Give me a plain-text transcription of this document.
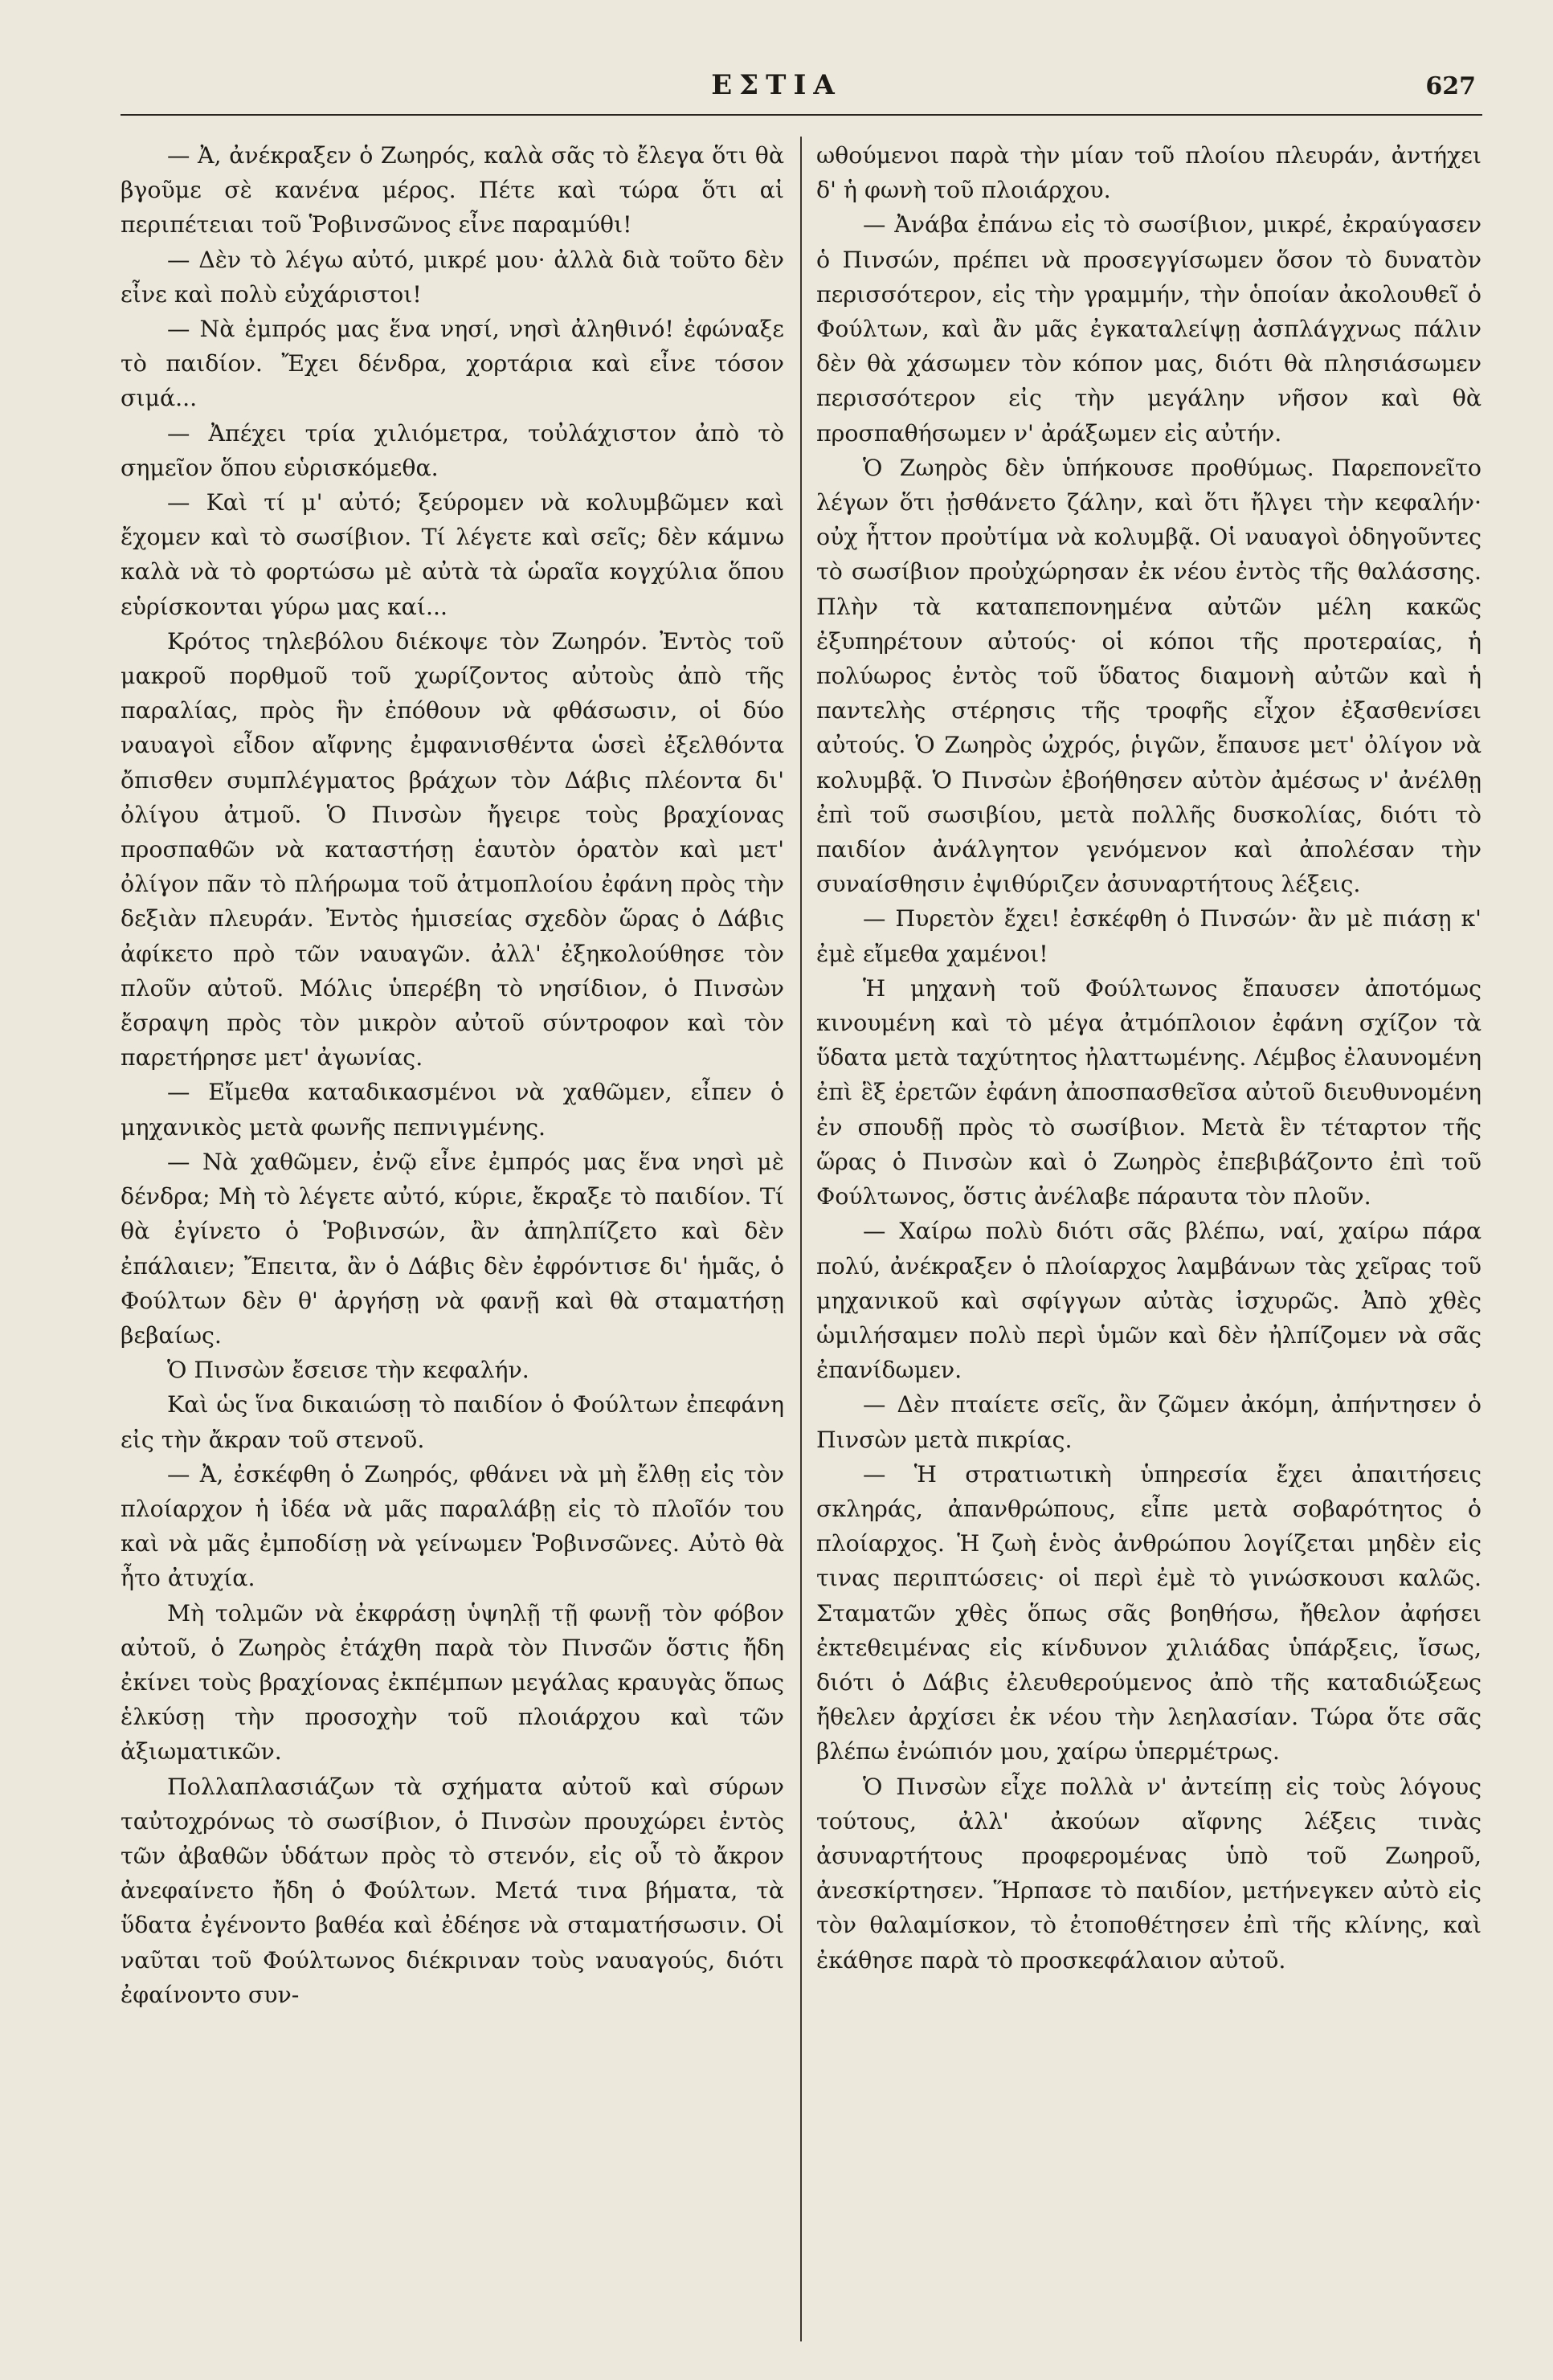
ΕΣΤΙΑ	627

— Ἀ, ἀνέκραξεν ὁ Ζωηρός, καλὰ σᾶς τὸ ἔλεγα ὅτι θὰ βγοῦμε σὲ κανένα μέρος. Πέτε καὶ τώρα ὅτι αἱ περιπέτειαι τοῦ Ῥοβινσῶνος εἶνε παραμύθι!

— Δὲν τὸ λέγω αὐτό, μικρέ μου· ἀλλὰ διὰ τοῦτο δὲν εἶνε καὶ πολὺ εὐχάριστοι!

— Νὰ ἐμπρός μας ἕνα νησί, νησὶ ἀληθινό! ἐφώναξε τὸ παιδίον. Ἔχει δένδρα, χορτάρια καὶ εἶνε τόσον σιμά...

— Ἀπέχει τρία χιλιόμετρα, τοὐλάχιστον ἀπὸ τὸ σημεῖον ὅπου εὑρισκόμεθα.

— Καὶ τί μ' αὐτό; ξεύρομεν νὰ κολυμβῶμεν καὶ ἔχομεν καὶ τὸ σωσίβιον. Τί λέγετε καὶ σεῖς; δὲν κάμνω καλὰ νὰ τὸ φορτώσω μὲ αὐτὰ τὰ ὡραῖα κογχύλια ὅπου εὑρίσκονται γύρω μας καί...

Κρότος τηλεβόλου διέκοψε τὸν Ζωηρόν. Ἐντὸς τοῦ μακροῦ πορθμοῦ τοῦ χωρίζοντος αὐτοὺς ἀπὸ τῆς παραλίας, πρὸς ἣν ἐπόθουν νὰ φθάσωσιν, οἱ δύο ναυαγοὶ εἶδον αἴφνης ἐμφανισθέντα ὡσεὶ ἐξελθόντα ὄπισθεν συμπλέγματος βράχων τὸν Δάβις πλέοντα δι' ὀλίγου ἀτμοῦ. Ὁ Πινσὼν ἤγειρε τοὺς βραχίονας προσπαθῶν νὰ καταστήσῃ ἑαυτὸν ὁρατὸν καὶ μετ' ὀλίγον πᾶν τὸ πλήρωμα τοῦ ἀτμοπλοίου ἐφάνη πρὸς τὴν δεξιὰν πλευράν. Ἐντὸς ἡμισείας σχεδὸν ὥρας ὁ Δάβις ἀφίκετο πρὸ τῶν ναυαγῶν. ἀλλ' ἐξηκολούθησε τὸν πλοῦν αὐτοῦ. Μόλις ὑπερέβη τὸ νησίδιον, ὁ Πινσὼν ἔσραψη πρὸς τὸν μικρὸν αὐτοῦ σύντροφον καὶ τὸν παρετήρησε μετ' ἀγωνίας.

— Εἴμεθα καταδικασμένοι νὰ χαθῶμεν, εἶπεν ὁ μηχανικὸς μετὰ φωνῆς πεπνιγμένης.

— Νὰ χαθῶμεν, ἐνῷ εἶνε ἐμπρός μας ἕνα νησὶ μὲ δένδρα; Μὴ τὸ λέγετε αὐτό, κύριε, ἔκραξε τὸ παιδίον. Τί θὰ ἐγίνετο ὁ Ῥοβινσών, ἂν ἀπηλπίζετο καὶ δὲν ἐπάλαιεν; Ἔπειτα, ἂν ὁ Δάβις δὲν ἐφρόντισε δι' ἡμᾶς, ὁ Φούλτων δὲν θ' ἀργήσῃ νὰ φανῇ καὶ θὰ σταματήσῃ βεβαίως.

Ὁ Πινσὼν ἔσεισε τὴν κεφαλήν.

Καὶ ὡς ἵνα δικαιώσῃ τὸ παιδίον ὁ Φούλτων ἐπεφάνη εἰς τὴν ἄκραν τοῦ στενοῦ.

— Ἀ, ἐσκέφθη ὁ Ζωηρός, φθάνει νὰ μὴ ἔλθῃ εἰς τὸν πλοίαρχον ἡ ἰδέα νὰ μᾶς παραλάβῃ εἰς τὸ πλοῖόν του καὶ νὰ μᾶς ἐμποδίσῃ νὰ γείνωμεν Ῥοβινσῶνες. Αὐτὸ θὰ ἦτο ἀτυχία.

Μὴ τολμῶν νὰ ἐκφράσῃ ὑψηλῇ τῇ φωνῇ τὸν φόβον αὐτοῦ, ὁ Ζωηρὸς ἐτάχθη παρὰ τὸν Πινσῶν ὅστις ἤδη ἐκίνει τοὺς βραχίονας ἐκπέμπων μεγάλας κραυγὰς ὅπως ἑλκύσῃ τὴν προσοχὴν τοῦ πλοιάρχου καὶ τῶν ἀξιωματικῶν.

Πολλαπλασιάζων τὰ σχήματα αὐτοῦ καὶ σύρων ταὐτοχρόνως τὸ σωσίβιον, ὁ Πινσὼν προυχώρει ἐντὸς τῶν ἀβαθῶν ὑδάτων πρὸς τὸ στενόν, εἰς οὗ τὸ ἄκρον ἀνεφαίνετο ἤδη ὁ Φούλτων. Μετά τινα βήματα, τὰ ὕδατα ἐγένοντο βαθέα καὶ ἐδέησε νὰ σταματήσωσιν. Οἱ ναῦται τοῦ Φούλτωνος διέκριναν τοὺς ναυαγούς, διότι ἐφαίνοντο συν-

ωθούμενοι παρὰ τὴν μίαν τοῦ πλοίου πλευράν, ἀντήχει δ' ἡ φωνὴ τοῦ πλοιάρχου.

— Ἀνάβα ἐπάνω εἰς τὸ σωσίβιον, μικρέ, ἐκραύγασεν ὁ Πινσών, πρέπει νὰ προσεγγίσωμεν ὅσον τὸ δυνατὸν περισσότερον, εἰς τὴν γραμμήν, τὴν ὁποίαν ἀκολουθεῖ ὁ Φούλτων, καὶ ἂν μᾶς ἐγκαταλείψῃ ἀσπλάγχνως πάλιν δὲν θὰ χάσωμεν τὸν κόπον μας, διότι θὰ πλησιάσωμεν περισσότερον εἰς τὴν μεγάλην νῆσον καὶ θὰ προσπαθήσωμεν ν' ἀράξωμεν εἰς αὐτήν.

Ὁ Ζωηρὸς δὲν ὑπήκουσε προθύμως. Παρεπονεῖτο λέγων ὅτι ᾐσθάνετο ζάλην, καὶ ὅτι ἤλγει τὴν κεφαλήν· οὐχ ἧττον προὐτίμα νὰ κολυμβᾷ. Οἱ ναυαγοὶ ὁδηγοῦντες τὸ σωσίβιον προὐχώρησαν ἐκ νέου ἐντὸς τῆς θαλάσσης. Πλὴν τὰ καταπεπονημένα αὐτῶν μέλη κακῶς ἐξυπηρέτουν αὐτούς· οἱ κόποι τῆς προτεραίας, ἡ πολύωρος ἐντὸς τοῦ ὕδατος διαμονὴ αὐτῶν καὶ ἡ παντελὴς στέρησις τῆς τροφῆς εἶχον ἐξασθενίσει αὐτούς. Ὁ Ζωηρὸς ὠχρός, ῥιγῶν, ἔπαυσε μετ' ὀλίγον νὰ κολυμβᾷ. Ὁ Πινσὼν ἐβοήθησεν αὐτὸν ἀμέσως ν' ἀνέλθῃ ἐπὶ τοῦ σωσιβίου, μετὰ πολλῆς δυσκολίας, διότι τὸ παιδίον ἀνάλγητον γενόμενον καὶ ἀπολέσαν τὴν συναίσθησιν ἐψιθύριζεν ἀσυναρτήτους λέξεις.

— Πυρετὸν ἔχει! ἐσκέφθη ὁ Πινσών· ἂν μὲ πιάσῃ κ' ἐμὲ εἴμεθα χαμένοι!

Ἡ μηχανὴ τοῦ Φούλτωνος ἔπαυσεν ἀποτόμως κινουμένη καὶ τὸ μέγα ἀτμόπλοιον ἐφάνη σχίζον τὰ ὕδατα μετὰ ταχύτητος ἠλαττωμένης. Λέμβος ἐλαυνομένη ἐπὶ ἓξ ἐρετῶν ἐφάνη ἀποσπασθεῖσα αὐτοῦ διευθυνομένη ἐν σπουδῇ πρὸς τὸ σωσίβιον. Μετὰ ἓν τέταρτον τῆς ὥρας ὁ Πινσὼν καὶ ὁ Ζωηρὸς ἐπεβιβάζοντο ἐπὶ τοῦ Φούλτωνος, ὅστις ἀνέλαβε πάραυτα τὸν πλοῦν.

— Χαίρω πολὺ διότι σᾶς βλέπω, ναί, χαίρω πάρα πολύ, ἀνέκραξεν ὁ πλοίαρχος λαμβάνων τὰς χεῖρας τοῦ μηχανικοῦ καὶ σφίγγων αὐτὰς ἰσχυρῶς. Ἀπὸ χθὲς ὡμιλήσαμεν πολὺ περὶ ὑμῶν καὶ δὲν ἠλπίζομεν νὰ σᾶς ἐπανίδωμεν.

— Δὲν πταίετε σεῖς, ἂν ζῶμεν ἀκόμη, ἀπήντησεν ὁ Πινσὼν μετὰ πικρίας.

— Ἡ στρατιωτικὴ ὑπηρεσία ἔχει ἀπαιτήσεις σκληράς, ἀπανθρώπους, εἶπε μετὰ σοβαρότητος ὁ πλοίαρχος. Ἡ ζωὴ ἑνὸς ἀνθρώπου λογίζεται μηδὲν εἰς τινας περιπτώσεις· οἱ περὶ ἐμὲ τὸ γινώσκουσι καλῶς. Σταματῶν χθὲς ὅπως σᾶς βοηθήσω, ἤθελον ἀφήσει ἐκτεθειμένας εἰς κίνδυνον χιλιάδας ὑπάρξεις, ἴσως, διότι ὁ Δάβις ἐλευθερούμενος ἀπὸ τῆς καταδιώξεως ἤθελεν ἀρχίσει ἐκ νέου τὴν λεηλασίαν. Τώρα ὅτε σᾶς βλέπω ἐνώπιόν μου, χαίρω ὑπερμέτρως.

Ὁ Πινσὼν εἶχε πολλὰ ν' ἀντείπῃ εἰς τοὺς λόγους τούτους, ἀλλ' ἀκούων αἴφνης λέξεις τινὰς ἀσυναρτήτους προφερομένας ὑπὸ τοῦ Ζωηροῦ, ἀνεσκίρτησεν. Ἥρπασε τὸ παιδίον, μετήνεγκεν αὐτὸ εἰς τὸν θαλαμίσκον, τὸ ἐτοποθέτησεν ἐπὶ τῆς κλίνης, καὶ ἐκάθησε παρὰ τὸ προσκεφάλαιον αὐτοῦ.
